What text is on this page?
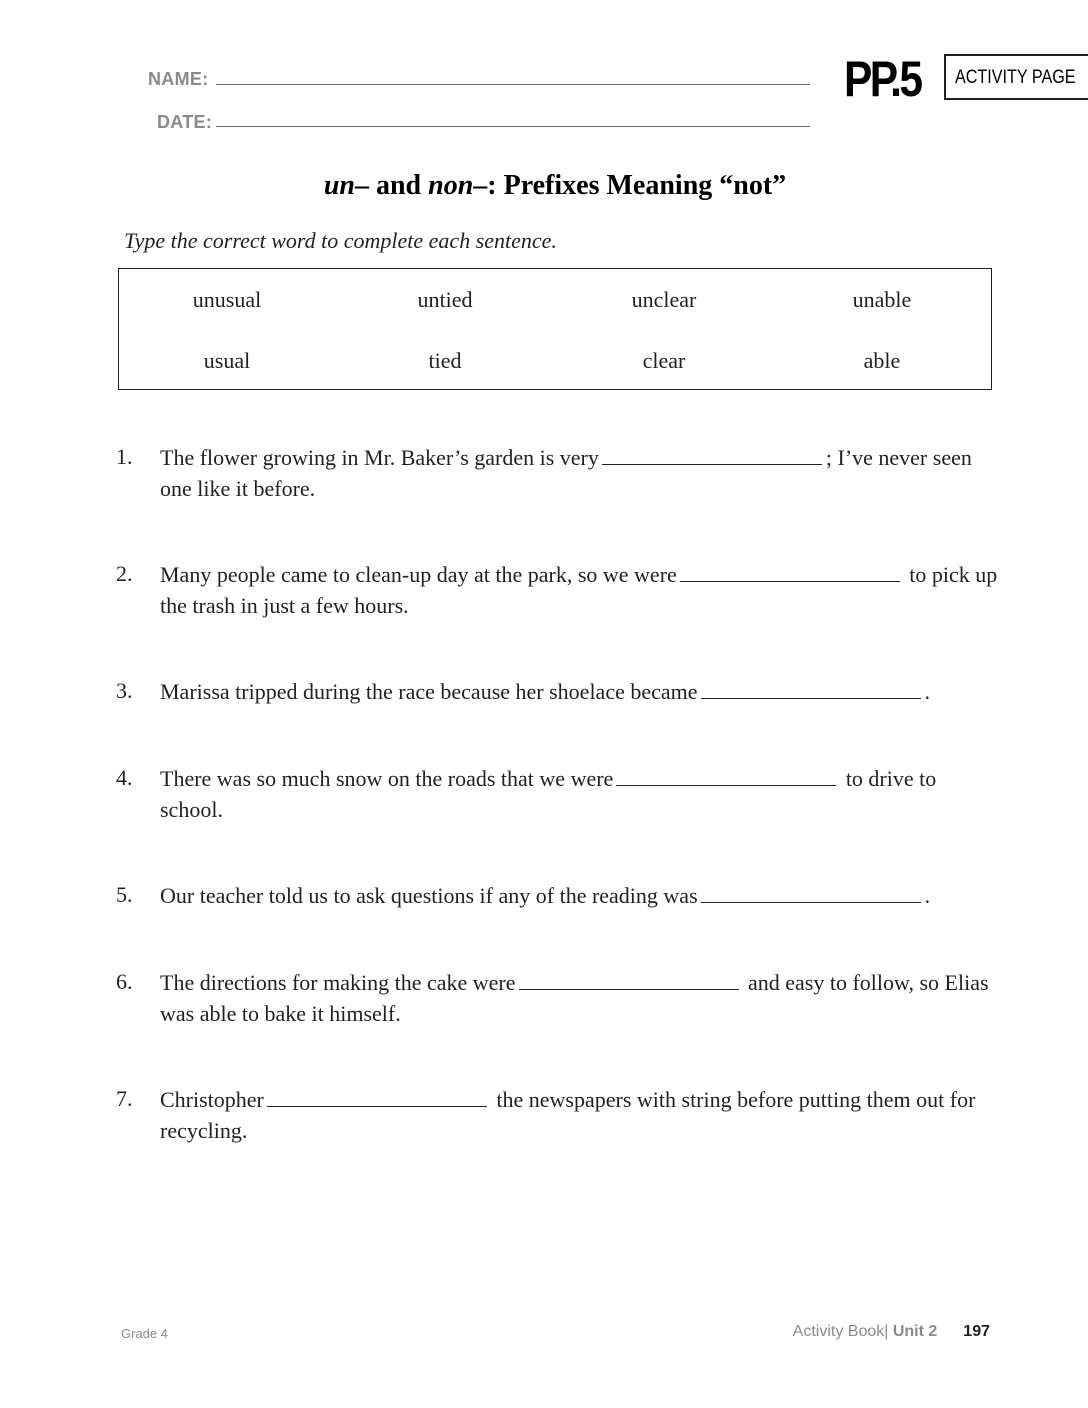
NAME:
DATE:
PP.5 ACTIVITY PAGE
un– and non–: Prefixes Meaning “not”
Type the correct word to complete each sentence.
unusual	untied	unclear	unable
usual	tied	clear	able
1. The flower growing in Mr. Baker’s garden is very	; I’ve never seen one like it before.
2. Many people came to clean-up day at the park, so we were	to pick up the trash in just a few hours.
3. Marissa tripped during the race because her shoelace became	.
4. There was so much snow on the roads that we were	to drive to school.
5. Our teacher told us to ask questions if any of the reading was	.
6. The directions for making the cake were	and easy to follow, so Elias was able to bake it himself.
7. Christopher	the newspapers with string before putting them out for recycling.
Grade 4	Activity Book| Unit 2 197
